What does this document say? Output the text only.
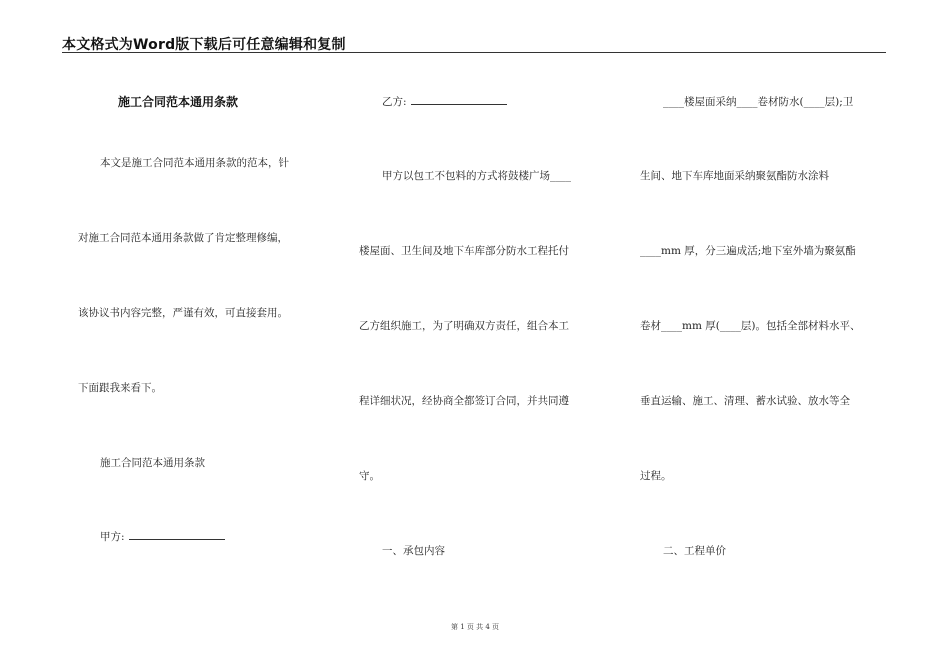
本文格式为Word版下载后可任意编辑和复制
施工合同范本通用条款
本文是施工合同范本通用条款的范本，针
对施工合同范本通用条款做了肯定整理修编，
该协议书内容完整，严谨有效，可直接套用。
下面跟我来看下。
施工合同范本通用条款
甲方:
乙方:
甲方以包工不包料的方式将鼓楼广场____
楼屋面、卫生间及地下车库部分防水工程托付
乙方组织施工，为了明确双方责任，组合本工
程详细状况，经协商全都签订合同，并共同遵
守。
一、承包内容
____楼屋面采纳____卷材防水(____层);卫
生间、地下车库地面采纳聚氨酯防水涂料
____mm 厚，分三遍成活;地下室外墙为聚氨酯
卷材____mm 厚(____层)。包括全部材料水平、
垂直运输、施工、清理、蓄水试验、放水等全
过程。
二、工程单价
第 1 页 共 4 页
